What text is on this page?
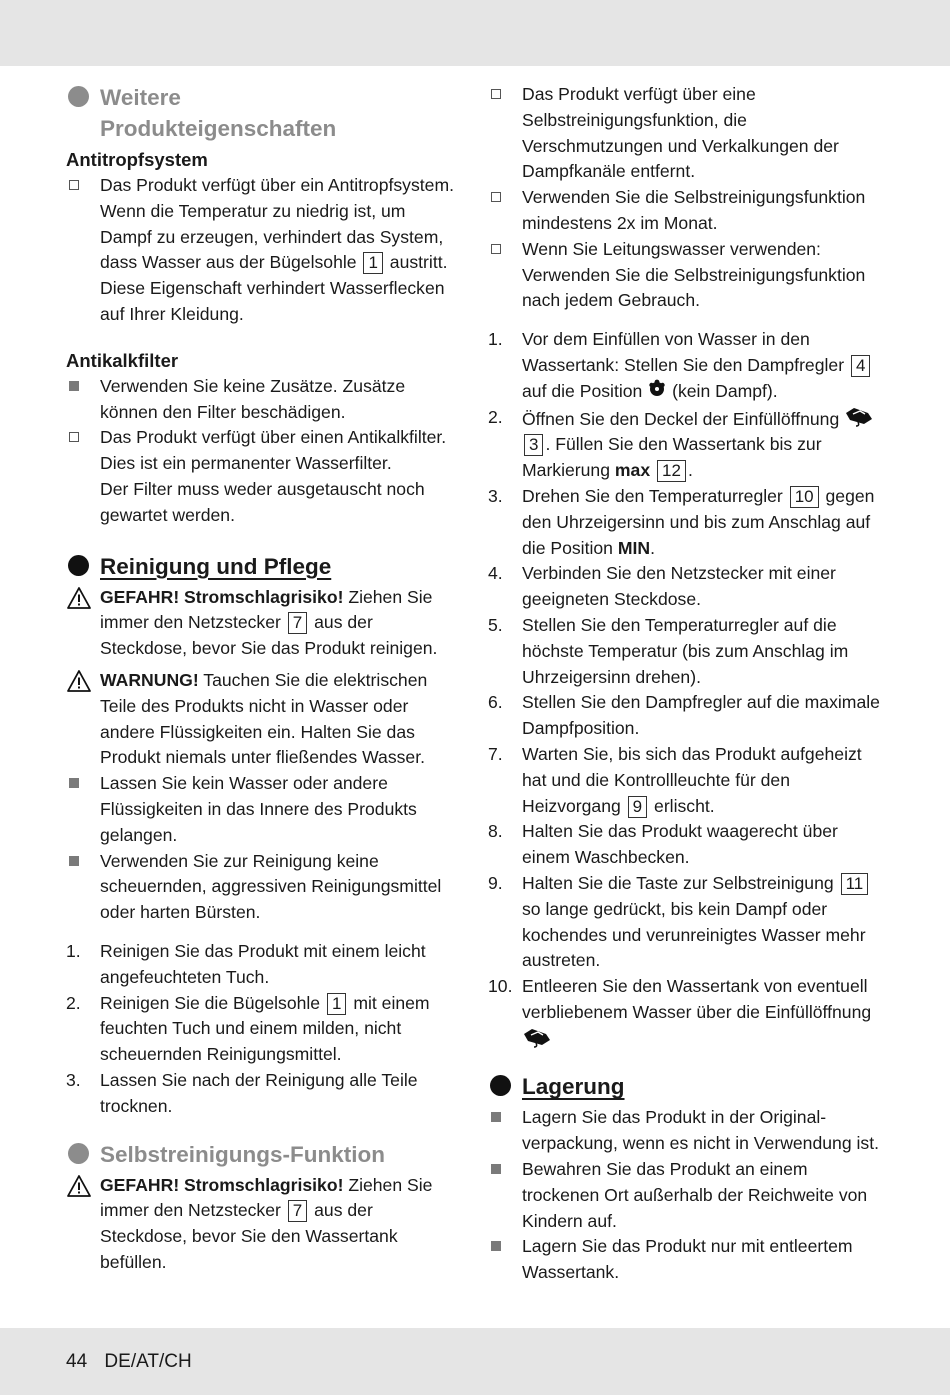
Weitere
Produkteigenschaften

Antitropfsystem

Das Produkt verfügt über ein Antitropfsystem. Wenn die Temperatur zu niedrig ist, um Dampf zu erzeugen, verhindert das System, dass Wasser aus der Bügelsohle 1 austritt. Diese Eigenschaft verhindert Wasserflecken auf Ihrer Kleidung.

Antikalkfilter

Verwenden Sie keine Zusätze. Zusätze können den Filter beschädigen.
Das Produkt verfügt über einen Antikalkfilter. Dies ist ein permanenter Wasserfilter.
Der Filter muss weder ausgetauscht noch gewartet werden.
Reinigung und Pflege
GEFAHR! Stromschlagrisiko! Ziehen Sie immer den Netzstecker 7 aus der Steckdose, bevor Sie das Produkt reinigen.
WARNUNG! Tauchen Sie die elektrischen Teile des Produkts nicht in Wasser oder andere Flüssigkeiten ein. Halten Sie das Produkt niemals unter fließendes Wasser.
Lassen Sie kein Wasser oder andere Flüssigkeiten in das Innere des Produkts gelangen.
Verwenden Sie zur Reinigung keine scheuernden, aggressiven Reinigungsmittel oder harten Bürsten.
1.	Reinigen Sie das Produkt mit einem leicht angefeuchteten Tuch.
2.	Reinigen Sie die Bügelsohle 1 mit einem feuchten Tuch und einem milden, nicht scheuernden Reinigungsmittel.
3.	Lassen Sie nach der Reinigung alle Teile trocknen.
Selbstreinigungs-Funktion
GEFAHR! Stromschlagrisiko! Ziehen Sie immer den Netzstecker 7 aus der Steckdose, bevor Sie den Wassertank befüllen.
Das Produkt verfügt über eine Selbstreinigungsfunktion, die Verschmutzungen und Verkalkungen der Dampfkanäle entfernt.
Verwenden Sie die Selbstreinigungsfunktion mindestens 2x im Monat.
Wenn Sie Leitungswasser verwenden: Verwenden Sie die Selbstreinigungsfunktion nach jedem Gebrauch.
1.	Vor dem Einfüllen von Wasser in den Wassertank: Stellen Sie den Dampfregler 4 auf die Position (kein Dampf).
2.	Öffnen Sie den Deckel der Einfüllöffnung  3 . Füllen Sie den Wassertank bis zur Markierung max 12 .
3.	Drehen Sie den Temperaturregler 10 gegen den Uhrzeigersinn und bis zum Anschlag auf die Position MIN.
4.	Verbinden Sie den Netzstecker mit einer geeigneten Steckdose.
5.	Stellen Sie den Temperaturregler auf die höchste Temperatur (bis zum Anschlag im Uhrzeigersinn drehen).
6.	Stellen Sie den Dampfregler auf die maximale Dampfposition.
7.	Warten Sie, bis sich das Produkt aufgeheizt hat und die Kontrollleuchte für den Heizvorgang 9 erlischt.
8.	Halten Sie das Produkt waagerecht über einem Waschbecken.
9.	Halten Sie die Taste zur Selbstreinigung 11 so lange gedrückt, bis kein Dampf oder kochendes und verunreinigtes Wasser mehr austreten.
10. Entleeren Sie den Wassertank von eventuell verbliebenem Wasser über die Einfüllöffnung

Lagerung
Lagern Sie das Produkt in der Original-verpackung, wenn es nicht in Verwendung ist.
Bewahren Sie das Produkt an einem trockenen Ort außerhalb der Reichweite von Kindern auf.
Lagern Sie das Produkt nur mit entleertem Wassertank.
44 DE/AT/CH
